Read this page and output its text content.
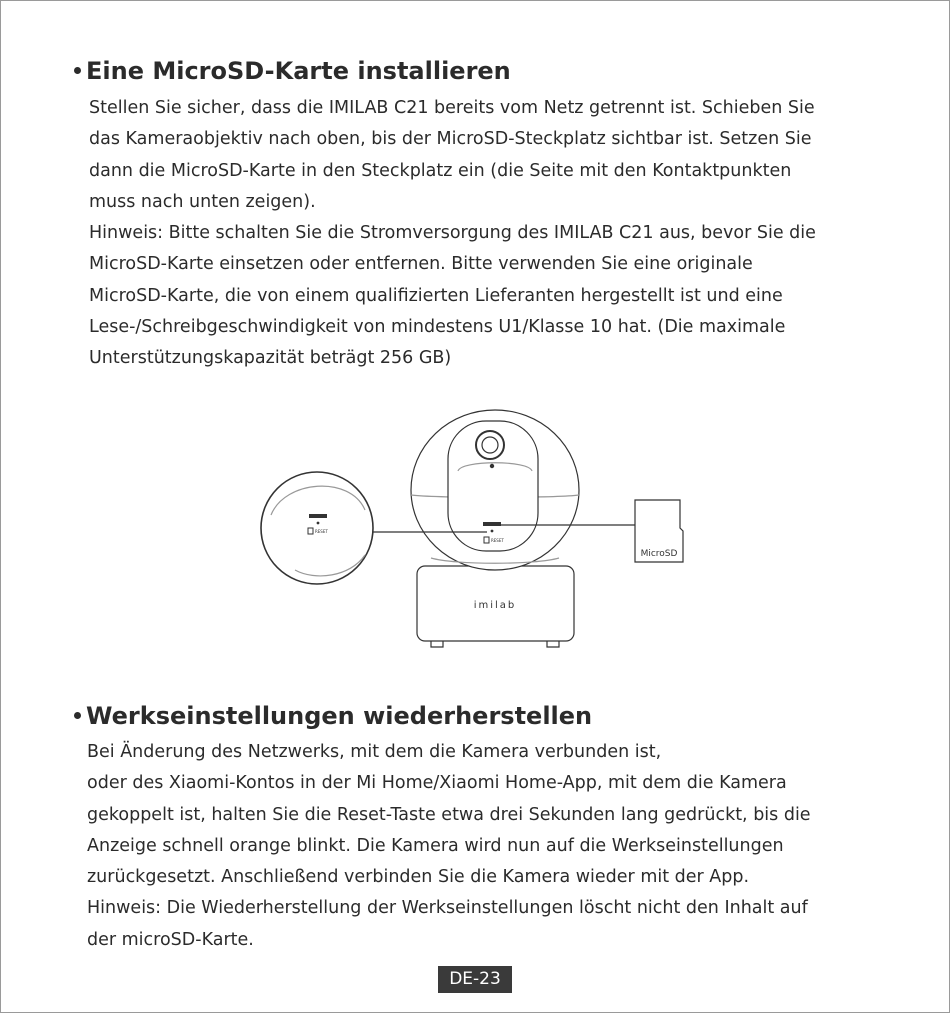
Eine MicroSD-Karte installieren
Stellen Sie sicher, dass die IMILAB C21 bereits vom Netz getrennt ist. Schieben Sie
das Kameraobjektiv nach oben, bis der MicroSD-Steckplatz sichtbar ist. Setzen Sie
dann die MicroSD-Karte in den Steckplatz ein (die Seite mit den Kontaktpunkten
muss nach unten zeigen).
Hinweis: Bitte schalten Sie die Stromversorgung des IMILAB C21 aus, bevor Sie die
MicroSD-Karte einsetzen oder entfernen. Bitte verwenden Sie eine originale
MicroSD-Karte, die von einem qualifizierten Lieferanten hergestellt ist und eine
Lese-/Schreibgeschwindigkeit von mindestens U1/Klasse 10 hat. (Die maximale
Unterstützungskapazität beträgt 256 GB)
imilab
RESET
RESET
MicroSD
Werkseinstellungen wiederherstellen
Bei Änderung des Netzwerks, mit dem die Kamera verbunden ist,
oder des Xiaomi-Kontos in der Mi Home/Xiaomi Home-App, mit dem die Kamera
gekoppelt ist, halten Sie die Reset-Taste etwa drei Sekunden lang gedrückt, bis die
Anzeige schnell orange blinkt. Die Kamera wird nun auf die Werkseinstellungen
zurückgesetzt. Anschließend verbinden Sie die Kamera wieder mit der App.
Hinweis: Die Wiederherstellung der Werkseinstellungen löscht nicht den Inhalt auf
der microSD-Karte.
DE-23
